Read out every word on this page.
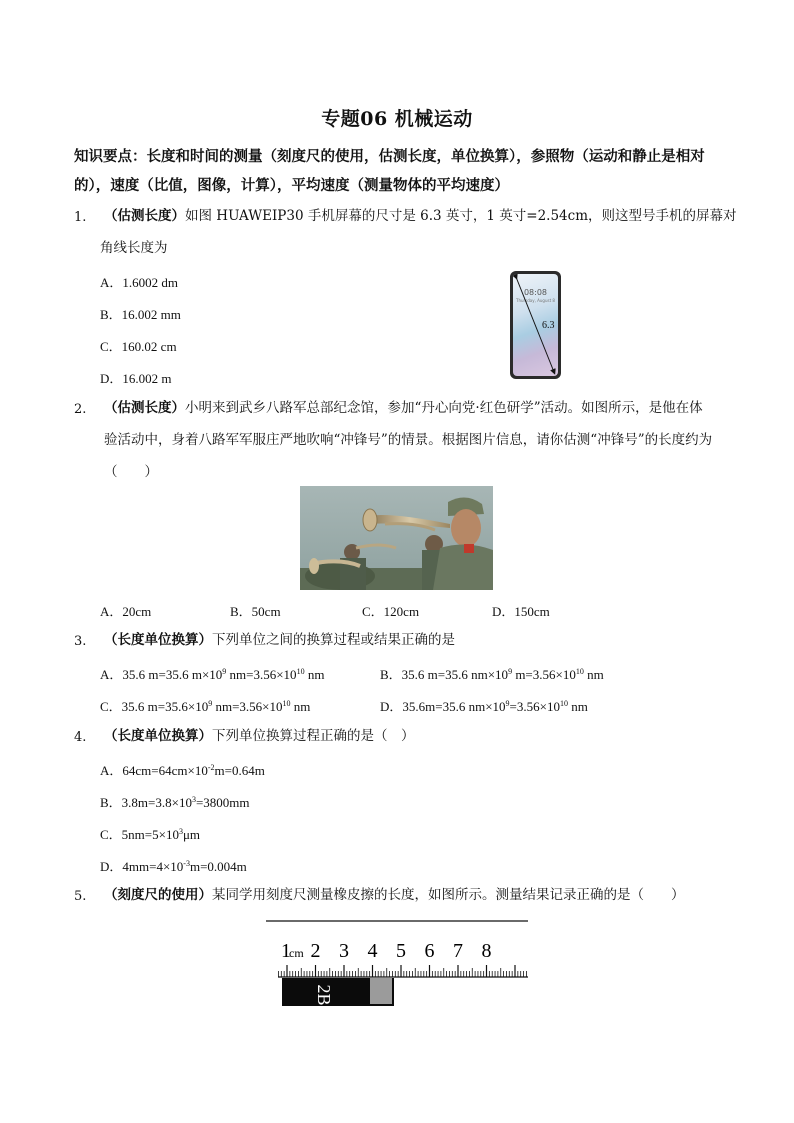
专题06 机械运动
知识要点：长度和时间的测量（刻度尺的使用，估测长度，单位换算），参照物（运动和静止是相对的），速度（比值，图像，计算），平均速度（测量物体的平均速度）
1. （估测长度）如图 HUAWEIP30 手机屏幕的尺寸是 6.3 英寸，1 英寸=2.54cm，则这型号手机的屏幕对
角线长度为
A．1.6002 dm
B．16.002 mm
C．160.02 cm
D．16.002 m
08:08
Thursday, August 8
6.3
2. （估测长度）小明来到武乡八路军总部纪念馆，参加“丹心向党·红色研学”活动。如图所示，是他在体
验活动中，身着八路军军服庄严地吹响“冲锋号”的情景。根据图片信息，请你估测“冲锋号”的长度约为
（　　）
A．20cm	B．50cm	C．120cm	D．150cm
3. （长度单位换算）下列单位之间的换算过程或结果正确的是
A．35.6 m=35.6 $m\times 10^9$ $nm=3.56\times 10^{10}$ nm	B．35.6 m=35.6 $nm\times 10^9$ $m=3.56\times 10^{10}$ nm
C．35.6 $m=35.6\times 10^9$ $nm=3.56\times 10^{10}$ nm	D．35.6m=35.6 $nm\times 10^9=3.56\times 10^{10}$ nm
4. （长度单位换算）下列单位换算过程正确的是（　）
A．$64cm=64cm\times 10^{-2}m=0.64m$
B．$3.8m=3.8\times 10^3=3800mm$
C．$5nm=5\times 10^3\mu m$
D．$4mm=4\times 10^{-3}m=0.004m$
5. （刻度尺的使用）某同学用刻度尺测量橡皮擦的长度，如图所示。测量结果记录正确的是（　　）
2B
1
cm 2 3 4 5 6 7 8
